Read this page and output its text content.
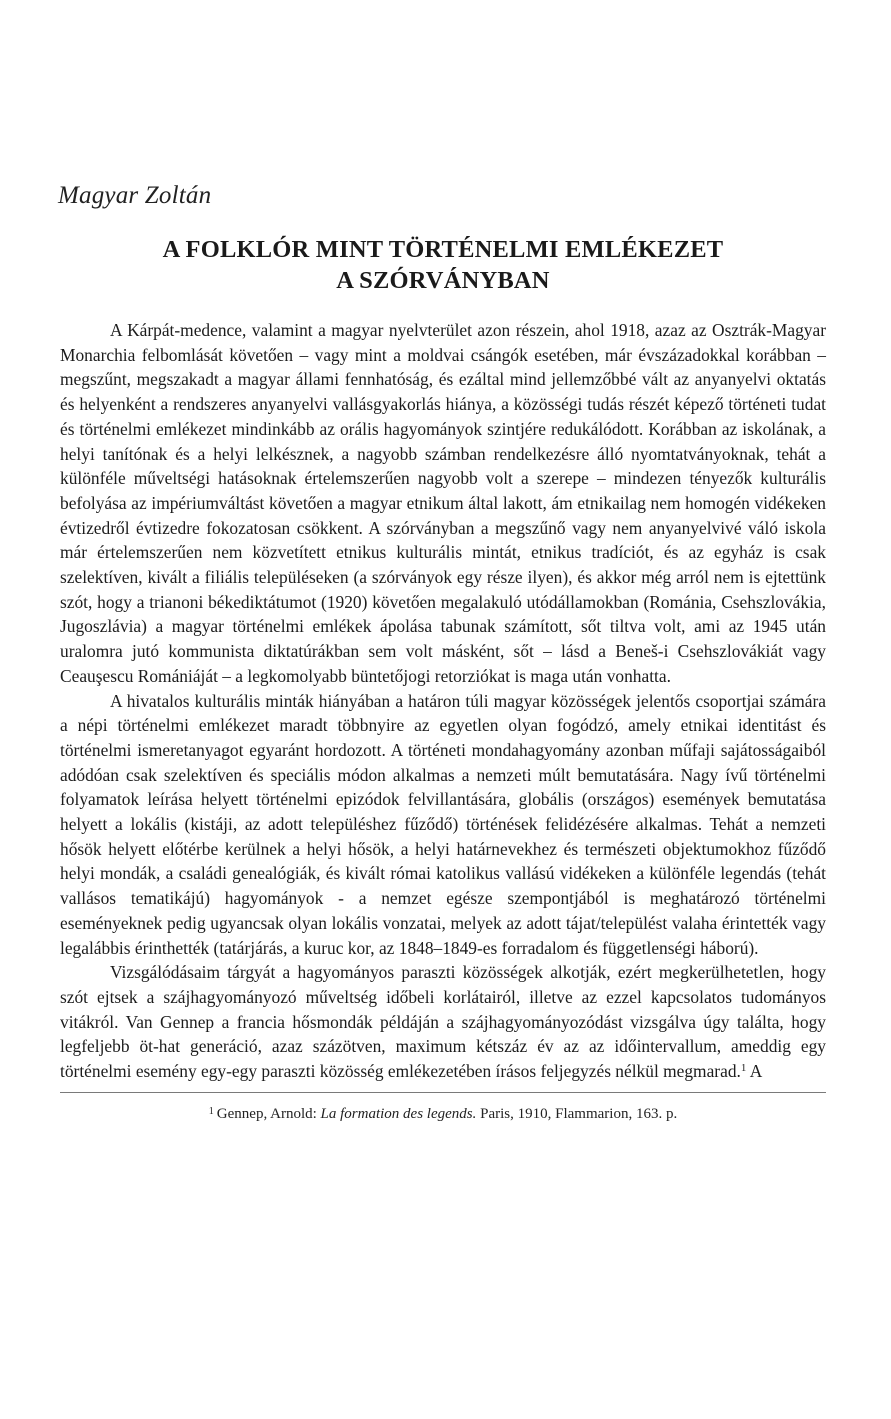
Magyar Zoltán
A FOLKLÓR MINT TÖRTÉNELMI EMLÉKEZET
A SZÓRVÁNYBAN

A Kárpát-medence, valamint a magyar nyelvterület azon részein, ahol 1918, azaz az Osztrák-Magyar Monarchia felbomlását követően – vagy mint a moldvai csángók esetében, már évszázadokkal korábban – megszűnt, megszakadt a magyar állami fennhatóság, és ezáltal mind jellemzőbbé vált az anyanyelvi oktatás és helyenként a rendszeres anyanyelvi vallásgyakorlás hiánya, a közösségi tudás részét képező történeti tudat és történelmi emlékezet mindinkább az orális hagyományok szintjére redukálódott. Korábban az iskolának, a helyi tanítónak és a helyi lelkésznek, a nagyobb számban rendelkezésre álló nyomtatványoknak, tehát a különféle műveltségi hatásoknak értelemszerűen nagyobb volt a szerepe – mindezen tényezők kulturális befolyása az impériumváltást követően a magyar etnikum által lakott, ám etnikailag nem homogén vidékeken évtizedről évtizedre fokozatosan csökkent. A szórványban a megszűnő vagy nem anyanyelvivé váló iskola már értelemszerűen nem közvetített etnikus kulturális mintát, etnikus tradíciót, és az egyház is csak szelektíven, kivált a filiális településeken (a szórványok egy része ilyen), és akkor még arról nem is ejtettünk szót, hogy a trianoni békediktátumot (1920) követően megalakuló utódállamokban (Románia, Csehszlovákia, Jugoszlávia) a magyar történelmi emlékek ápolása tabunak számított, sőt tiltva volt, ami az 1945 után uralomra jutó kommunista diktatúrákban sem volt másként, sőt – lásd a Beneš-i Csehszlovákiát vagy Ceauşescu Romániáját – a legkomolyabb büntetőjogi retorziókat is maga után vonhatta.

A hivatalos kulturális minták hiányában a határon túli magyar közösségek jelentős csoportjai számára a népi történelmi emlékezet maradt többnyire az egyetlen olyan fogódzó, amely etnikai identitást és történelmi ismeretanyagot egyaránt hordozott. A történeti mondahagyomány azonban műfaji sajátosságaiból adódóan csak szelektíven és speciális módon alkalmas a nemzeti múlt bemutatására. Nagy ívű történelmi folyamatok leírása helyett történelmi epizódok felvillantására, globális (országos) események bemutatása helyett a lokális (kistáji, az adott településhez fűződő) történések felidézésére alkalmas. Tehát a nemzeti hősök helyett előtérbe kerülnek a helyi hősök, a helyi határnevekhez és természeti objektumokhoz fűződő helyi mondák, a családi genealógiák, és kivált római katolikus vallású vidékeken a különféle legendás (tehát vallásos tematikájú) hagyományok - a nemzet egésze szempontjából is meghatározó történelmi eseményeknek pedig ugyancsak olyan lokális vonzatai, melyek az adott tájat/települést valaha érintették vagy legalábbis érinthették (tatárjárás, a kuruc kor, az 1848–1849-es forradalom és függetlenségi háború).

Vizsgálódásaim tárgyát a hagyományos paraszti közösségek alkotják, ezért megkerülhetetlen, hogy szót ejtsek a szájhagyományozó műveltség időbeli korlátairól, illetve az ezzel kapcsolatos tudományos vitákról. Van Gennep a francia hősmondák példáján a szájhagyományozódást vizsgálva úgy találta, hogy legfeljebb öt-hat generáció, azaz százötven, maximum kétszáz év az az időintervallum, ameddig egy történelmi esemény egy-egy paraszti közösség emlékezetében írásos feljegyzés nélkül megmarad.$^1$ A

$^1$ Gennep, Arnold: La formation des legends. Paris, 1910, Flammarion, 163. p.
